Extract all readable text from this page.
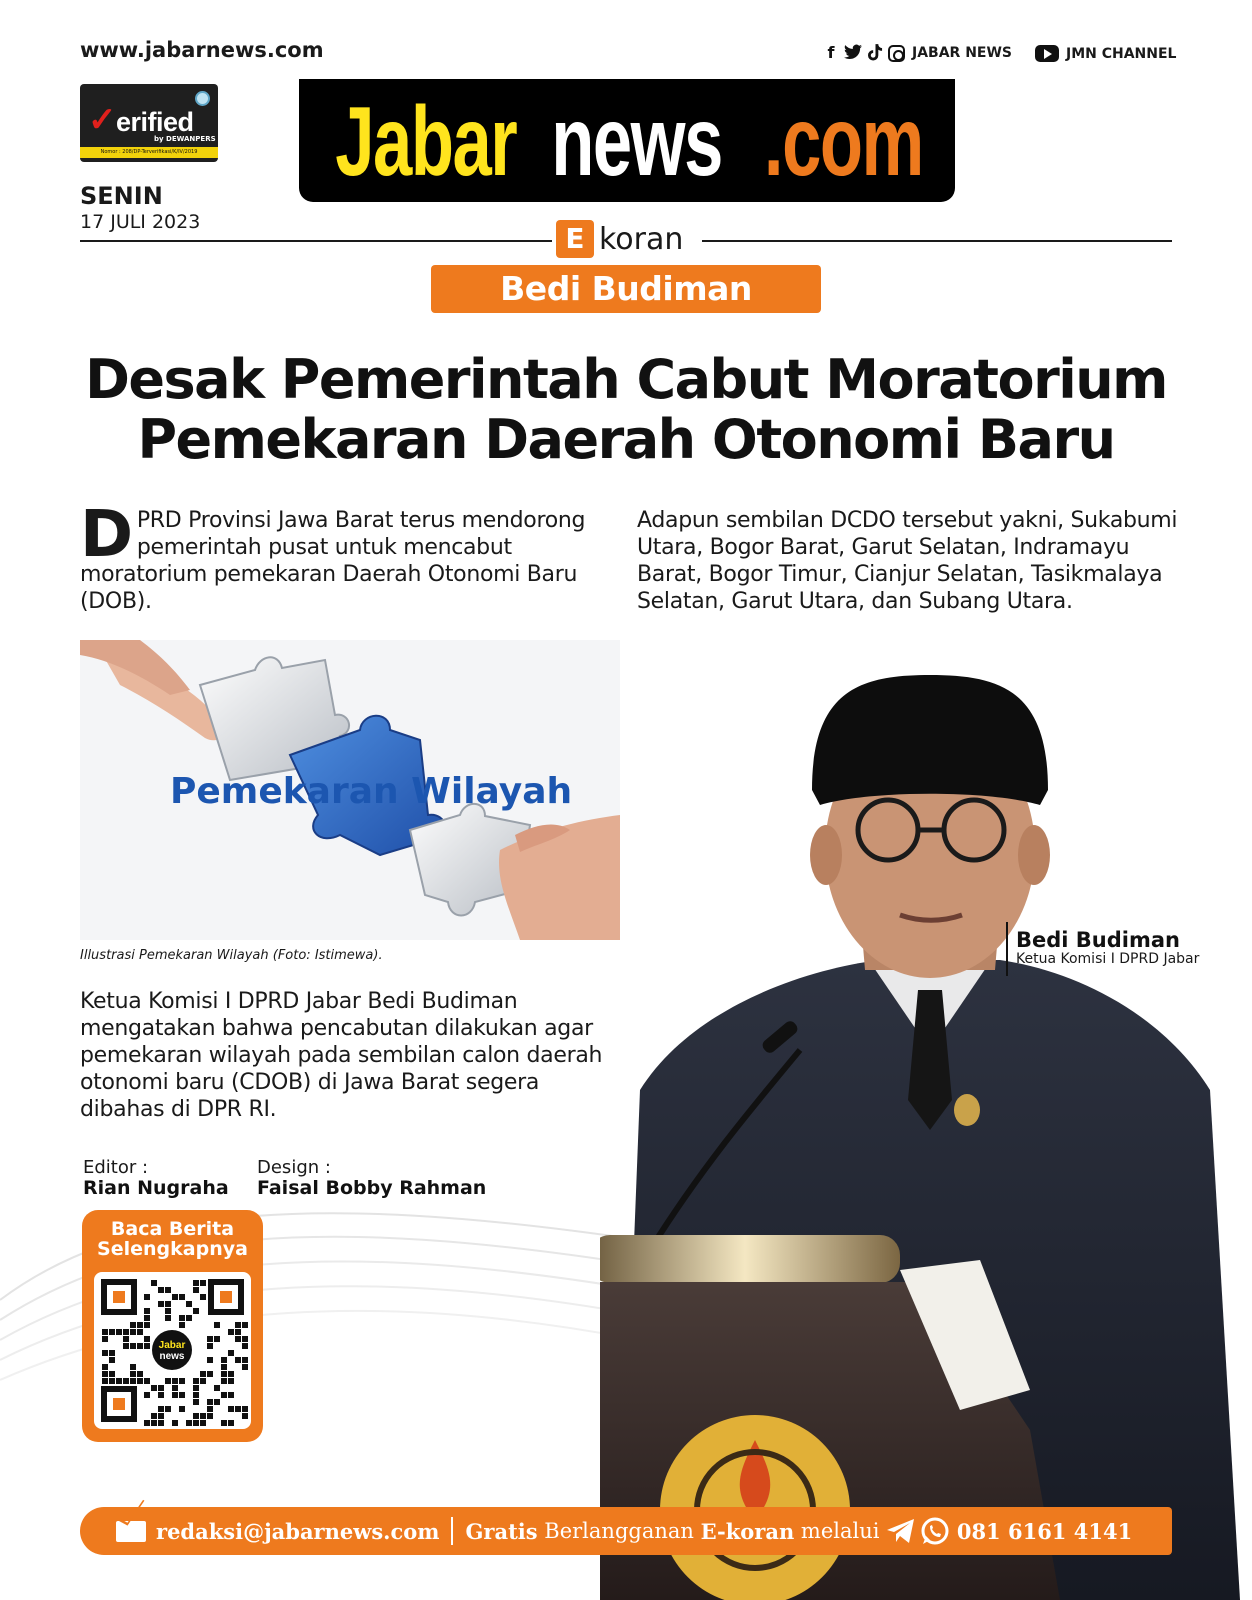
www.jabarnews.com	f	JABAR NEWS	JMN CHANNEL
✓erified
by DEWANPERS
Nomor : 208/DP-Terverifikasi/K/IV/2019 Jabar news .com
SENIN
17 JULI 2023	E koran
Bedi Budiman
Desak Pemerintah Cabut Moratorium
Pemekaran Daerah Otonomi Baru

DPRD Provinsi Jawa Barat terus mendorong pemerintah pusat untuk mencabut moratorium pemekaran Daerah Otonomi Baru (DOB).

Adapun sembilan DCDO tersebut yakni, Sukabumi Utara, Bogor Barat, Garut Selatan, Indramayu Barat, Bogor Timur, Cianjur Selatan, Tasikmalaya Selatan, Garut Utara, dan Subang Utara.

Pemekaran Wilayah
Illustrasi Pemekaran Wilayah (Foto: Istimewa).

Ketua Komisi I DPRD Jabar Bedi Budiman mengatakan bahwa pencabutan dilakukan agar pemekaran wilayah pada sembilan calon daerah otonomi baru (CDOB) di Jawa Barat segera dibahas di DPR RI.

Bedi Budiman
Ketua Komisi I DPRD Jabar
Editor :
Rian Nugraha
Design :
Faisal Bobby Rahman
Baca Berita
Selengkapnya
Jabar
news
redaksi@jabarnews.com Gratis
Berlangganan
E-koran
melalui

	081 6161 4141
